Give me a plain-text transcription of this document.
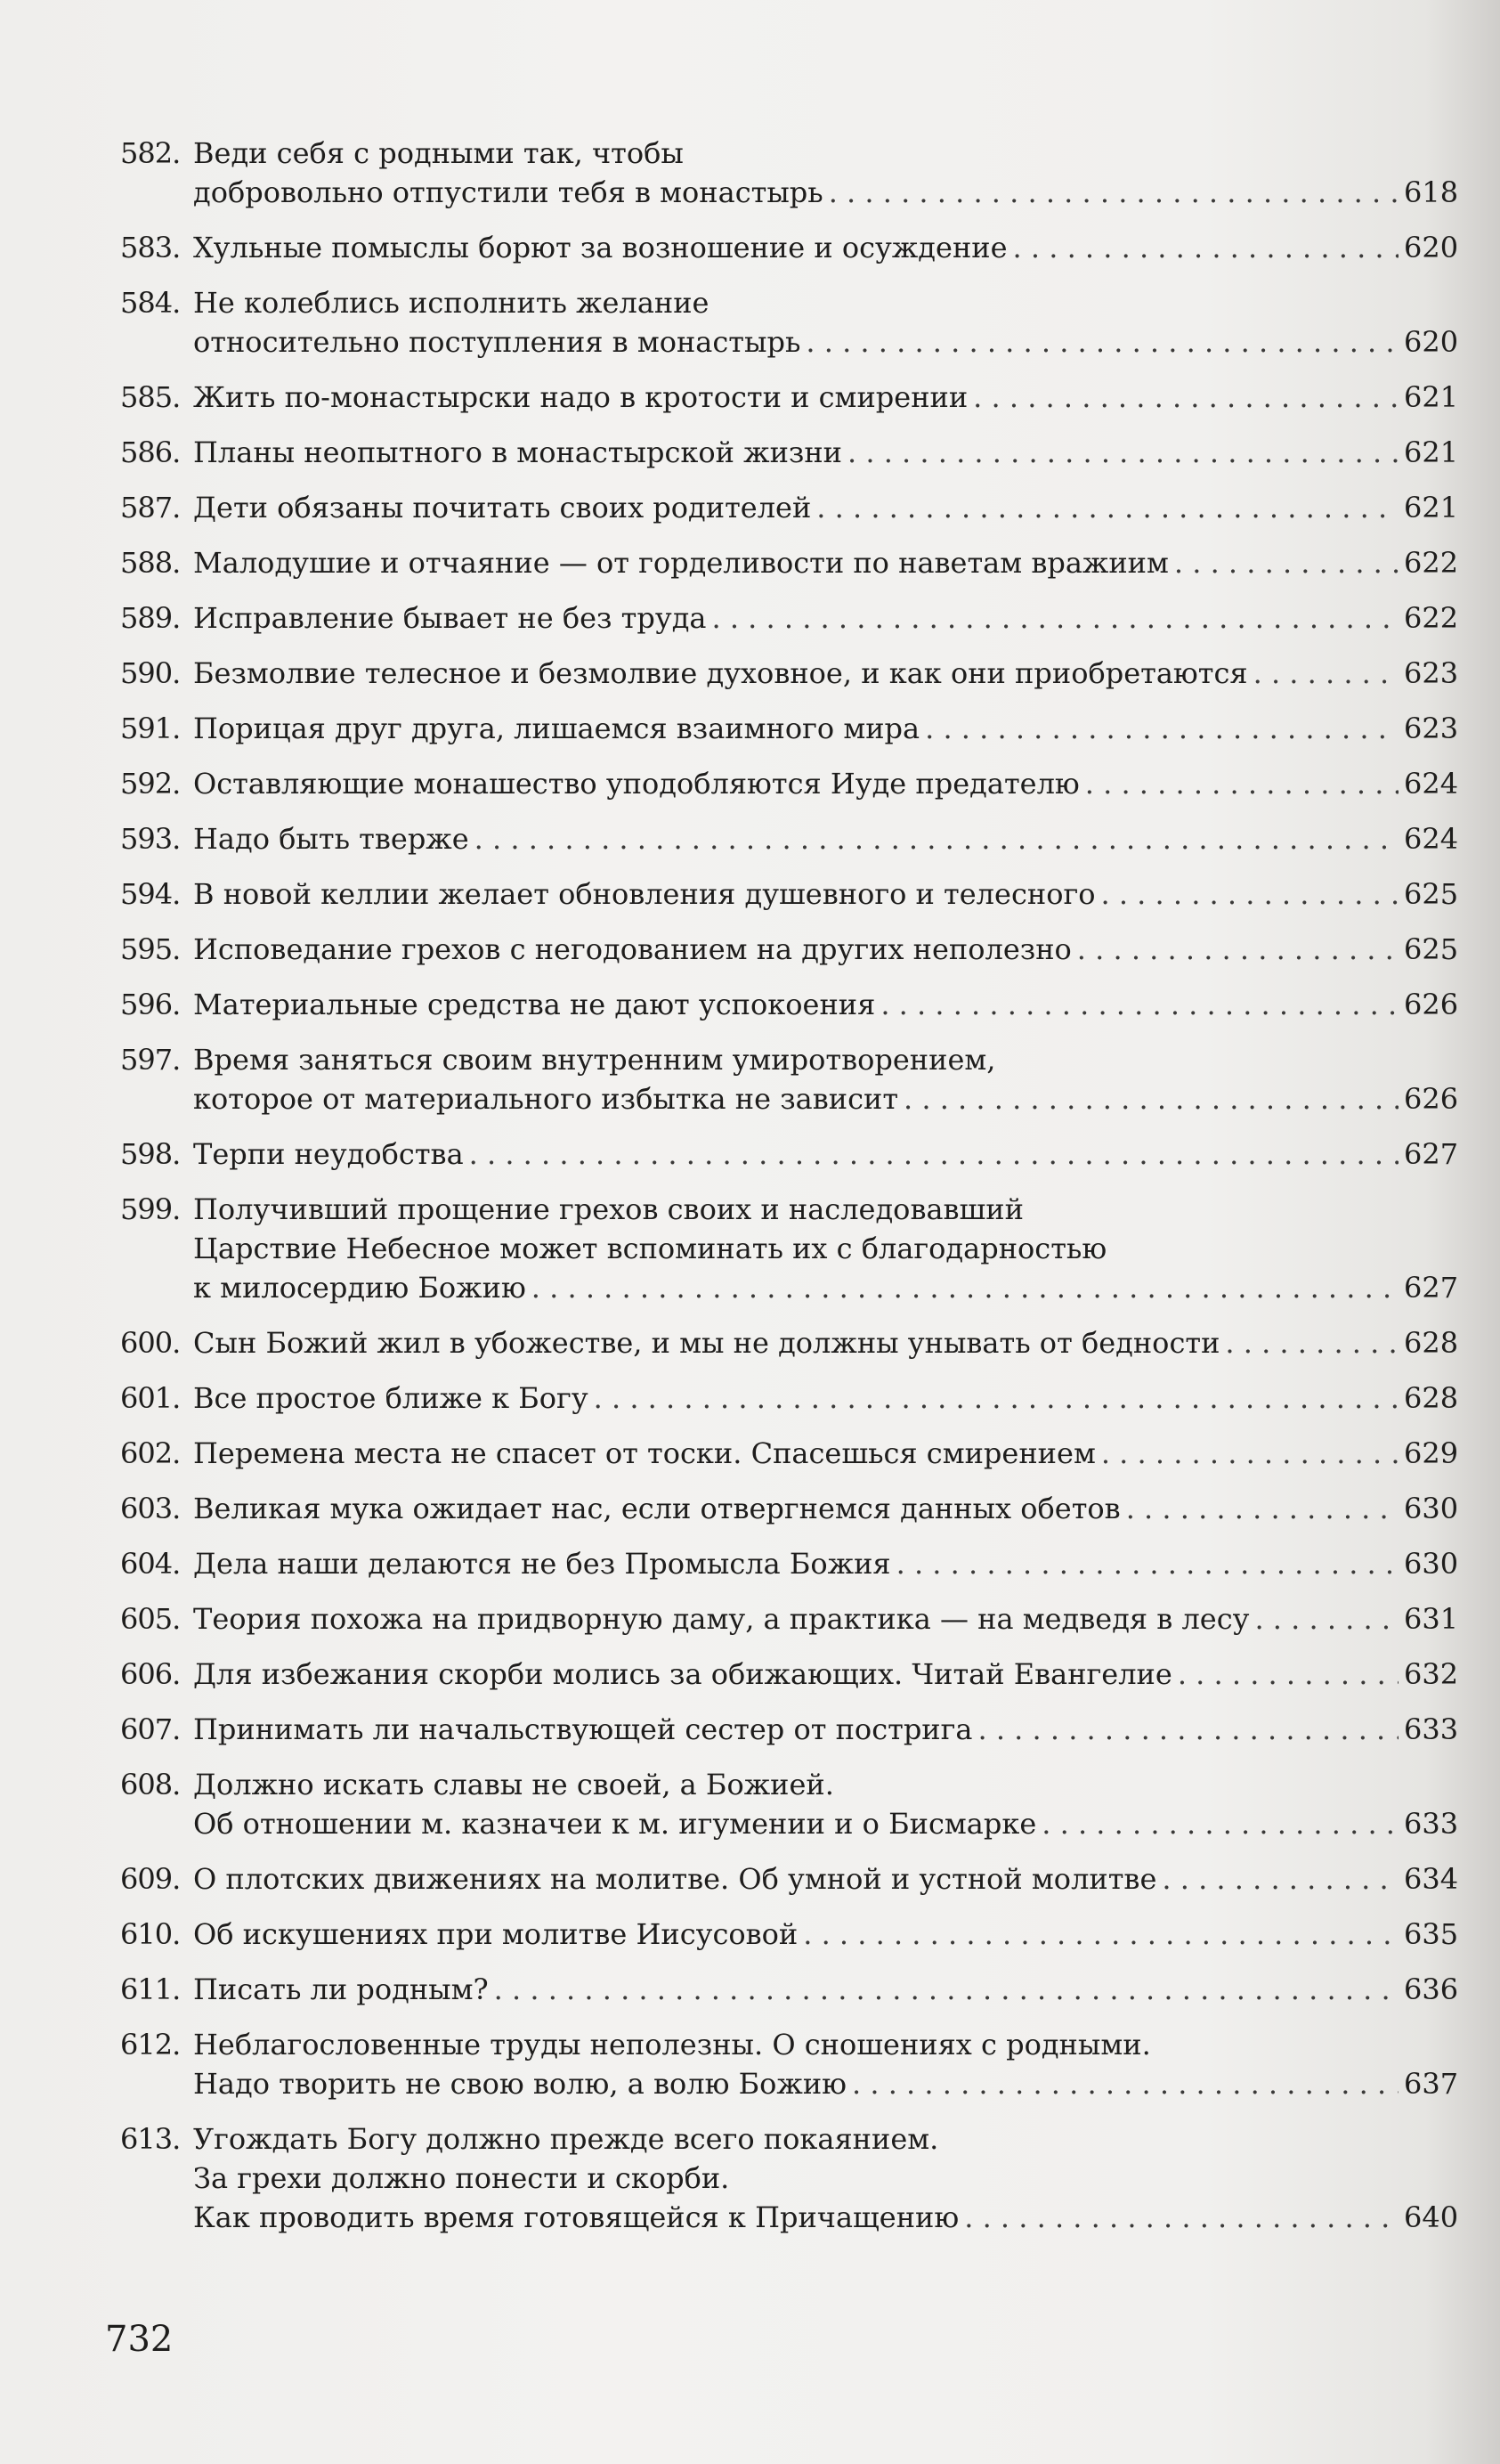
582. Веди себя с родными так, чтобы
добровольно отпустили тебя в монастырь . . .	618
583. Хульные помыслы борют за вознoшение и осуждение . . .	620
584. Не колеблись исполнить желание
относительно поступления в монастырь . . .	620
585. Жить по-монастырски надо в кротости и смирении . . .	621
586. Планы неопытного в монастырской жизни . . .	621
587. Дети обязаны почитать своих родителей . . .	621
588. Малодушие и отчаяние — от горделивости по наветам вражиим . . .	622
589. Исправление бывает не без труда . . .	622
590. Безмолвие телесное и безмолвие духовное, и как они приобретаются . . .	623
591. Порицая друг друга, лишаемся взаимного мира . . .	623
592. Оставляющие монашество уподобляются Иуде предателю . . .	624
593. Надо быть тверже . . .	624
594. В новой келлии желает обновления душевного и телесного . . .	625
595. Исповедание грехов с негодованием на других неполезно . . .	625
596. Материальные средства не дают успокоения . . .	626
597. Время заняться своим внутренним умиротворением,
которое от материального избытка не зависит . . .	626
598. Терпи неудобства . . .	627
599. Получивший прощение грехов своих и наследовавший
Царствие Небесное может вспоминать их с благодарностью
к милосердию Божию . . .	627
600. Сын Божий жил в убожестве, и мы не должны унывать от бедности . . .	628
601. Все простое ближе к Богу . . .	628
602. Перемена места не спасет от тоски. Спасешься смирением . . .	629
603. Великая мука ожидает нас, если отвергнемся данных обетов . . .	630
604. Дела наши делаются не без Промысла Божия . . .	630
605. Теория похожа на придворную даму, а практика — на медведя в лесу . . .	631
606. Для избежания скорби молись за обижающих. Читай Евангелие . . .	632
607. Принимать ли начальствующей сестер от пострига . . .	633
608. Должно искать славы не своей, а Божией.
Об отношении м. казначеи к м. игумении и о Бисмарке . . .	633
609. О плотских движениях на молитве. Об умной и устной молитве . . .	634
610. Об искушениях при молитве Иисусовой . . .	635
611. Писать ли родным? . . .	636
612. Неблагословенные труды неполезны. О сношениях с родными.
Надо творить не свою волю, а волю Божию . . .	637
613. Угождать Богу должно прежде всего покаянием.
За грехи должно понести и скорби.
Как проводить время готовящейся к Причащению . . .	640
732
